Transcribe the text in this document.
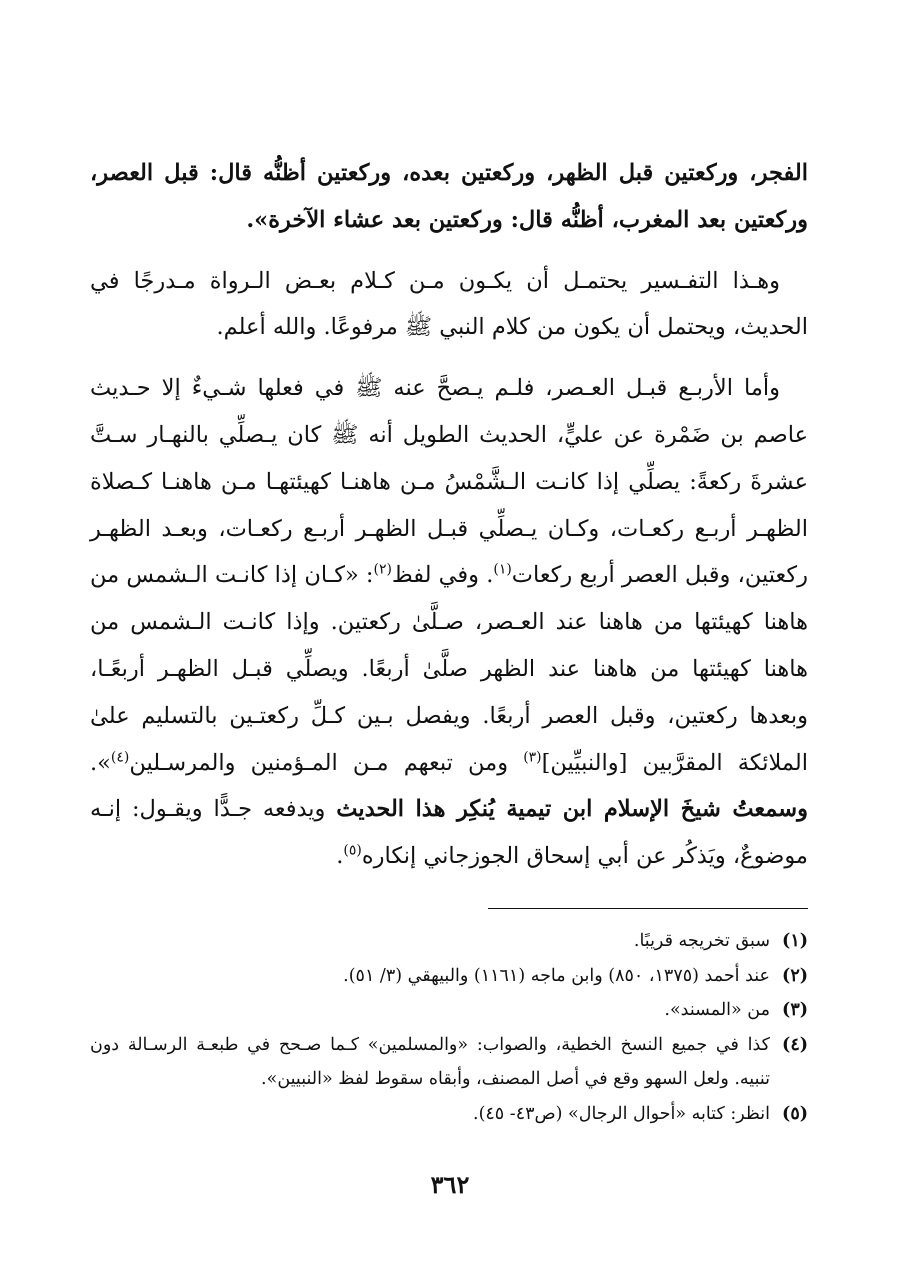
الفجر، وركعتين قبل الظهر، وركعتين بعده، وركعتين أظنُّه قال: قبل العصر، وركعتين بعد المغرب، أظنُّه قال: وركعتين بعد عشاء الآخرة».

وهـذا التفـسير يحتمـل أن يكـون مـن كـلام بعـض الـرواة مـدرجًا في الحديث، ويحتمل أن يكون من كلام النبي ﷺ مرفوعًا. والله أعلم.

وأما الأربـع قبـل العـصر، فلـم يـصحَّ عنه ﷺ في فعلها شـيءٌ إلا حـديث عاصم بن ضَمْرة عن عليٍّ، الحديث الطويل أنه ﷺ كان يـصلِّي بالنهـار سـتَّ عشرةَ ركعةً: يصلِّي إذا كانـت الـشَّمْسُ مـن هاهنـا كهيئتهـا مـن هاهنـا كـصلاة الظهـر أربـع ركعـات، وكـان يـصلِّي قبـل الظهـر أربـع ركعـات، وبعـد الظهـر ركعتين، وقبل العصر أربع ركعات$^{(١)}$. وفي لفظ$^{(٢)}$: «كـان إذا كانـت الـشمس من هاهنا كهيئتها من هاهنا عند العـصر، صـلَّىٰ ركعتين. وإذا كانـت الـشمس من هاهنا كهيئتها من هاهنا عند الظهر صلَّىٰ أربعًا. ويصلِّي قبـل الظهـر أربعًـا، وبعدها ركعتين، وقبل العصر أربعًا. ويفصل بـين كـلِّ ركعتـين بالتسليم علىٰ الملائكة المقرَّبين [والنبيِّين]$^{(٣)}$ ومن تبعهم مـن المـؤمنين والمرسـلين$^{(٤)}$». وسمعتُ شيخَ الإسلام ابن تيمية يُنكِر هذا الحديث ويدفعه جـدًّا ويقـول: إنـه موضوعٌ، ويَذكُر عن أبي إسحاق الجوزجاني إنكاره$^{(٥)}$.

(١)
سبق تخريجه قريبًا.
(٢)
عند أحمد (١٣٧٥، ٨٥٠) وابن ماجه (١١٦١) والبيهقي (٣/ ٥١).
(٣)
من «المسند».
(٤)
كذا في جميع النسخ الخطية، والصواب: «والمسلمين» كـما صـحح في طبعـة الرسـالة دون تنبيه. ولعل السهو وقع في أصل المصنف، وأبقاه سقوط لفظ «النبيين».
(٥)
انظر: كتابه «أحوال الرجال» (ص٤٣- ٤٥).
٣٦٢
